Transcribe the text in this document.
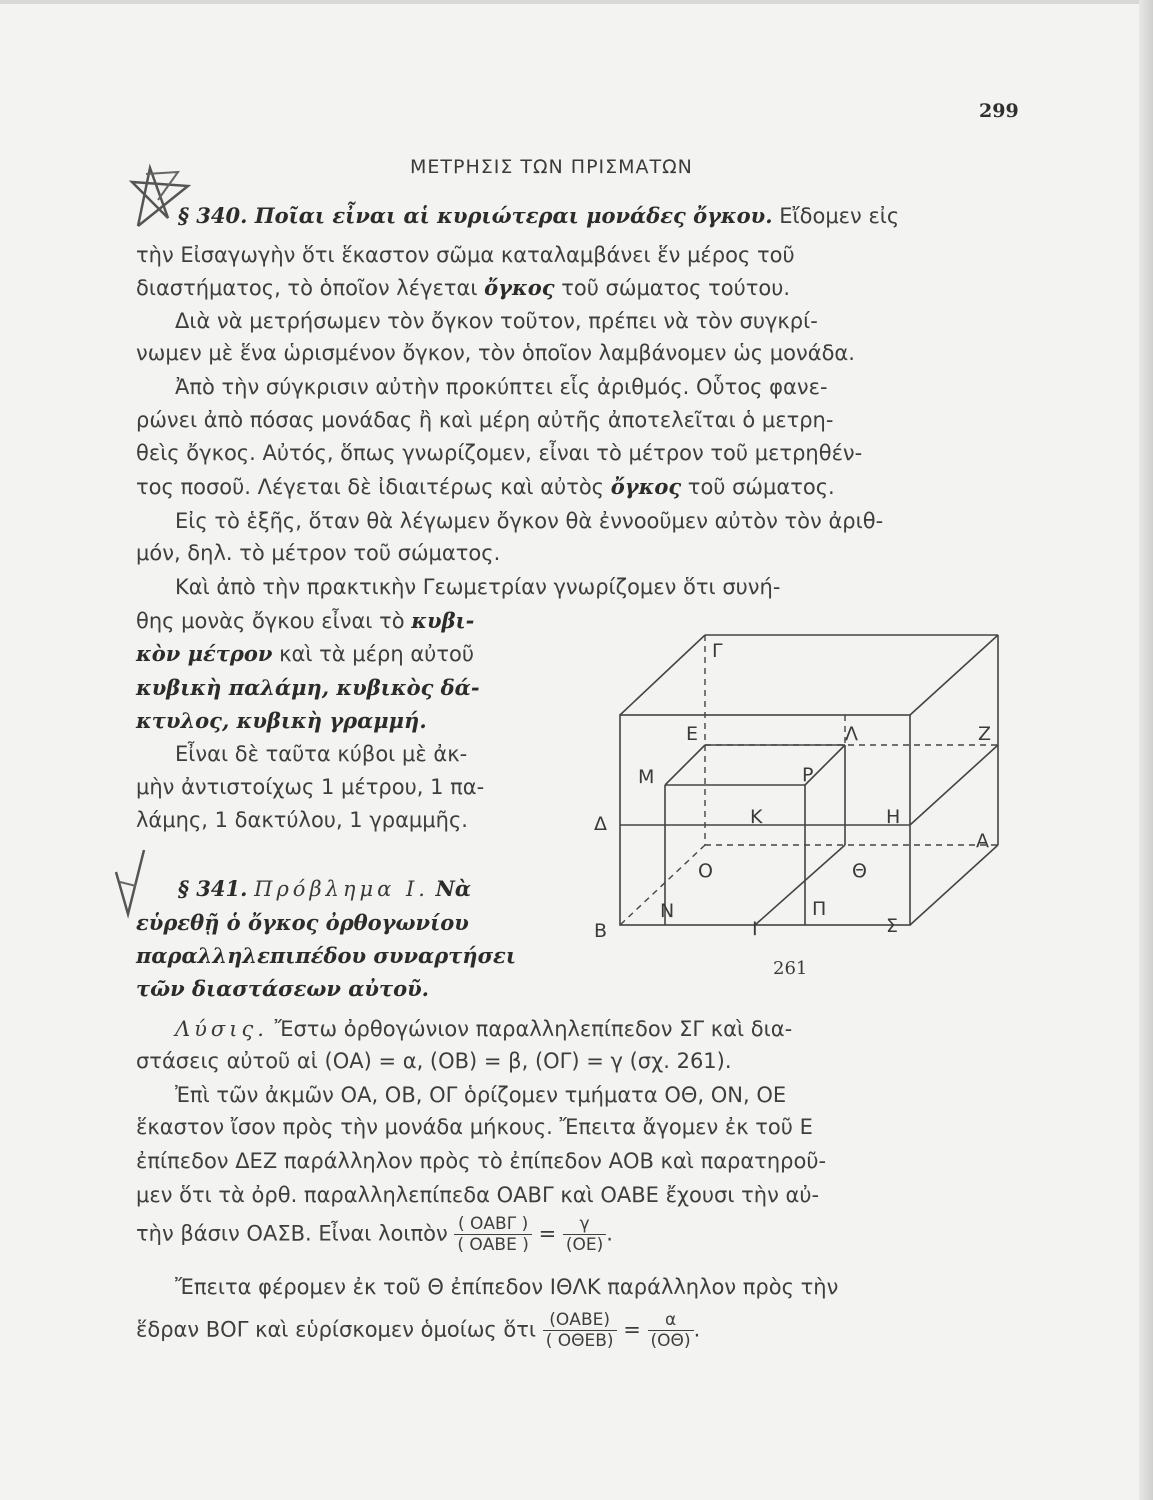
299
ΜΕΤΡΗΣΙΣ ΤΩΝ ΠΡΙΣΜΑΤΩΝ
§ 340. Ποῖαι εἶναι αἱ κυριώτεραι μονάδες ὄγκου. Εἴδομεν εἰς
τὴν Εἰσαγωγὴν ὅτι ἕκαστον σῶμα καταλαμβάνει ἕν μέρος τοῦ
διαστήματος, τὸ ὁποῖον λέγεται ὄγκος τοῦ σώματος τούτου.
Διὰ νὰ μετρήσωμεν τὸν ὄγκον τοῦτον, πρέπει νὰ τὸν συγκρί-
νωμεν μὲ ἕνα ὡρισμένον ὄγκον, τὸν ὁποῖον λαμβάνομεν ὡς μονάδα.
Ἀπὸ τὴν σύγκρισιν αὐτὴν προκύπτει εἷς ἀριθμός. Οὗτος φανε-
ρώνει ἀπὸ πόσας μονάδας ἢ καὶ μέρη αὐτῆς ἀποτελεῖται ὁ μετρη-
θεὶς ὄγκος. Αὐτός, ὅπως γνωρίζομεν, εἶναι τὸ μέτρον τοῦ μετρηθέν-
τος ποσοῦ. Λέγεται δὲ ἰδιαιτέρως καὶ αὐτὸς ὄγκος τοῦ σώματος.
Εἰς τὸ ἑξῆς, ὅταν θὰ λέγωμεν ὄγκον θὰ ἐννοοῦμεν αὐτὸν τὸν ἀριθ-
μόν, δηλ. τὸ μέτρον τοῦ σώματος.
Καὶ ἀπὸ τὴν πρακτικὴν Γεωμετρίαν γνωρίζομεν ὅτι συνή-
θης μονὰς ὄγκου εἶναι τὸ κυβι-
κὸν μέτρον καὶ τὰ μέρη αὐτοῦ
κυβικὴ παλάμη, κυβικὸς δά-
κτυλος, κυβικὴ γραμμή.
Εἶναι δὲ ταῦτα κύβοι μὲ ἀκ-
μὴν ἀντιστοίχως 1 μέτρου, 1 πα-
λάμης, 1 δακτύλου, 1 γραμμῆς.
§ 341. Πρόβλημα Ι. Νὰ
εὑρεθῇ ὁ ὄγκος ὀρθογωνίου
παραλληλεπιπέδου συναρτήσει
τῶν διαστάσεων αὐτοῦ.
Γ
Ε	Λ	Ζ
Μ	Ρ
Δ	Κ	Η
Α
Ο	Θ
Ν
Β	Ι
Π
Σ
261
Λύσις. Ἔστω ὀρθογώνιον παραλληλεπίπεδον ΣΓ καὶ δια-
στάσεις αὐτοῦ αἱ (ΟΑ) = α, (ΟΒ) = β, (ΟΓ) = γ (σχ. 261).
Ἐπὶ τῶν ἀκμῶν ΟΑ, ΟΒ, ΟΓ ὁρίζομεν τμήματα ΟΘ, ΟΝ, ΟΕ
ἕκαστον ἴσον πρὸς τὴν μονάδα μήκους. Ἔπειτα ἄγομεν ἐκ τοῦ Ε
ἐπίπεδον ΔΕΖ παράλληλον πρὸς τὸ ἐπίπεδον ΑΟΒ καὶ παρατηροῦ-
μεν ὅτι τὰ ὀρθ. παραλληλεπίπεδα ΟΑΒΓ καὶ ΟΑΒΕ ἔχουσι τὴν αὐ-
τὴν βάσιν ΟΑΣΒ. Εἶναι λοιπὸν $\frac{\text{( ΟΑΒΓ )}}{\text{( ΟΑΒΕ )}} = \frac{\gamma}{(OE)}$ .
Ἔπειτα φέρομεν ἐκ τοῦ Θ ἐπίπεδον ΙΘΛΚ παράλληλον πρὸς τὴν
ἕδραν ΒΟΓ καὶ εὑρίσκομεν ὁμοίως ὅτι $\frac{\text{(ΟΑΒΕ)}}{\text{( ΟΘΕΒ)}} = \frac{\alpha}{(O\Theta)}$ .
